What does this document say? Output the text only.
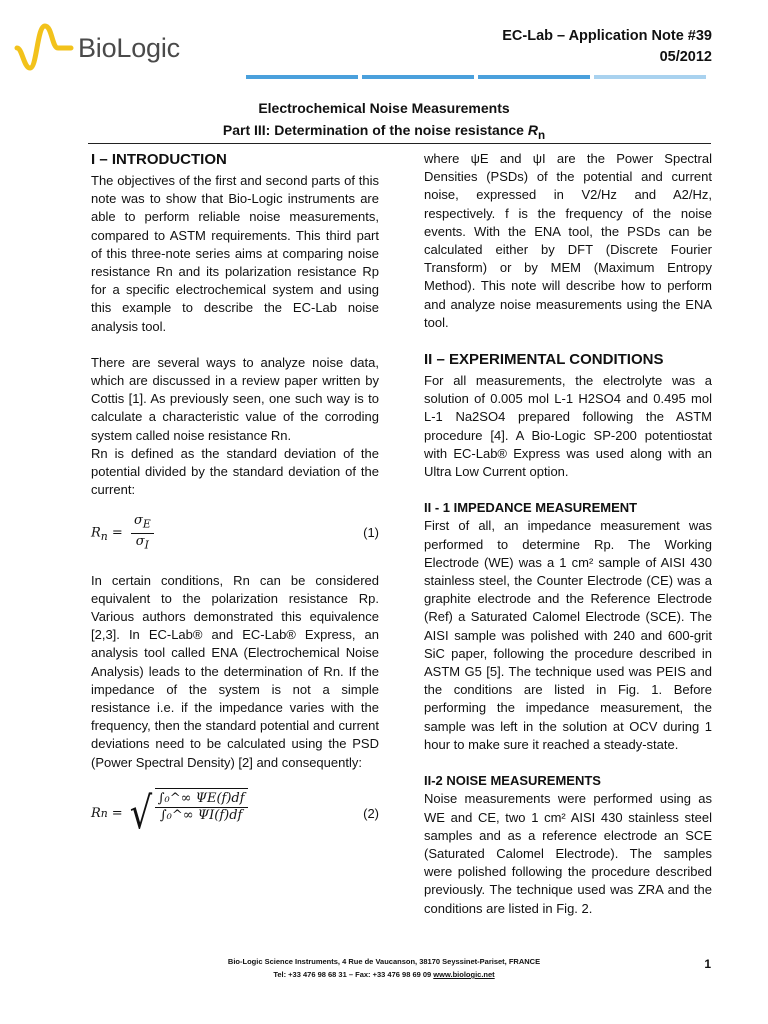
BioLogic	EC-Lab – Application Note #39
05/2012
Electrochemical Noise Measurements
Part III: Determination of the noise resistance $R_n$
I – INTRODUCTION

The objectives of the first and second parts of this note was to show that Bio-Logic instruments are able to perform reliable noise measurements, compared to ASTM requirements. This third part of this three-note series aims at comparing noise resistance Rn and its polarization resistance Rp for a specific electrochemical system and using this example to describe the EC-Lab noise analysis tool.

There are several ways to analyze noise data, which are discussed in a review paper written by Cottis [1]. As previously seen, one such way is to calculate a characteristic value of the corroding system called noise resistance Rn.

Rn is defined as the standard deviation of the potential divided by the standard deviation of the current:

$R_n = \frac{\sigma_E}{\sigma_I}$	(1)

In certain conditions, Rn can be considered equivalent to the polarization resistance Rp. Various authors demonstrated this equivalence [2,3]. In EC-Lab® and EC-Lab® Express, an analysis tool called ENA (Electrochemical Noise Analysis) leads to the determination of Rn. If the impedance of the system is not a simple resistance i.e. if the impedance varies with the frequency, then the standard potential and current deviations need to be calculated using the PSD (Power Spectral Density) [2] and consequently:

R n = √ $\frac{\text{∫₀\textasciicircum{}∞ ΨE(f)df}}{\text{∫₀\textasciicircum{}∞ ΨI(f)df}}$	(2)

where ψE and ψI are the Power Spectral Densities (PSDs) of the potential and current noise, expressed in V2/Hz and A2/Hz, respectively. f is the frequency of the noise events. With the ENA tool, the PSDs can be calculated either by DFT (Discrete Fourier Transform) or by MEM (Maximum Entropy Method). This note will describe how to perform and analyze noise measurements using the ENA tool.

II – EXPERIMENTAL CONDITIONS

For all measurements, the electrolyte was a solution of 0.005 mol L-1 H2SO4 and 0.495 mol L-1 Na2SO4 prepared following the ASTM procedure [4]. A Bio-Logic SP-200 potentiostat with EC-Lab® Express was used along with an Ultra Low Current option.

II - 1 IMPEDANCE MEASUREMENT

First of all, an impedance measurement was performed to determine Rp. The Working Electrode (WE) was a 1 cm² sample of AISI 430 stainless steel, the Counter Electrode (CE) was a graphite electrode and the Reference Electrode (Ref) a Saturated Calomel Electrode (SCE). The AISI sample was polished with 240 and 600-grit SiC paper, following the procedure described in ASTM G5 [5]. The technique used was PEIS and the conditions are listed in Fig. 1. Before performing the impedance measurement, the sample was left in the solution at OCV during 1 hour to make sure it reached a steady-state.

II-2 NOISE MEASUREMENTS

Noise measurements were performed using as WE and CE, two 1 cm² AISI 430 stainless steel samples and as a reference electrode an SCE (Saturated Calomel Electrode). The samples were polished following the procedure described previously. The technique used was ZRA and the conditions are listed in Fig. 2.

Bio-Logic Science Instruments, 4 Rue de Vaucanson, 38170 Seyssinet-Pariset, FRANCE
Tel: +33 476 98 68 31 – Fax: +33 476 98 69 09 www.biologic.net
1
